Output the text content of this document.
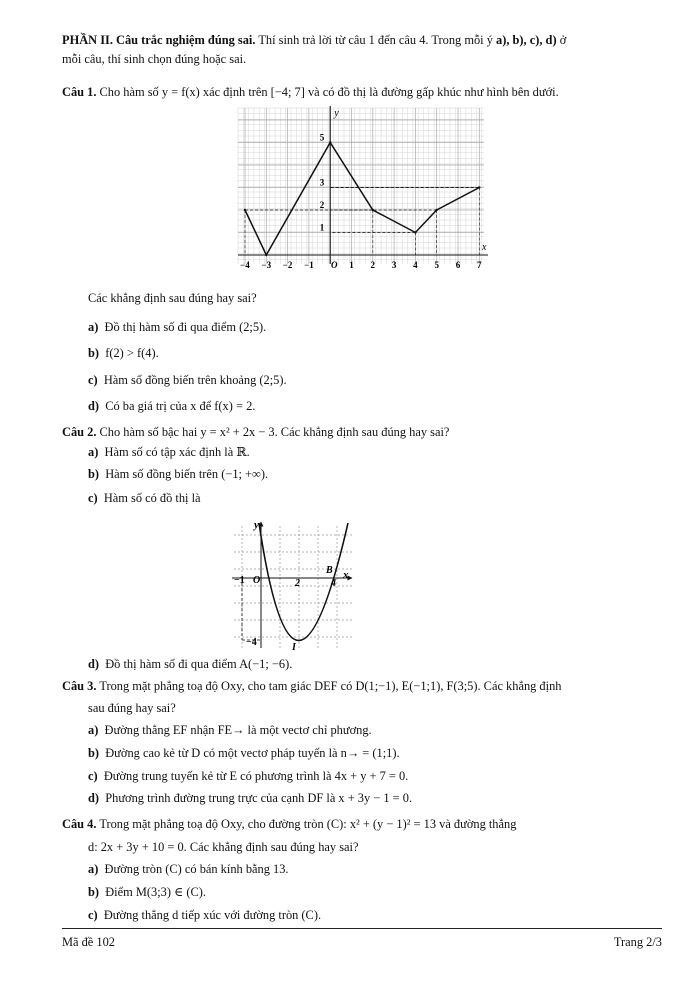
PHẦN II. Câu trắc nghiệm đúng sai. Thí sinh trả lời từ câu 1 đến câu 4. Trong mỗi ý a), b), c), d) ở
mỗi câu, thí sinh chọn đúng hoặc sai.
Câu 1. Cho hàm số y = f(x) xác định trên [−4; 7] và có đồ thị là đường gấp khúc như hình bên dưới.
−4 −3 −2 −1 O 1 2 3 4 5 6 7
5
3
2
1
x
y
Các khẳng định sau đúng hay sai?
a) Đồ thị hàm số đi qua điểm (2;5).
b) f(2) > f(4).
c) Hàm số đồng biến trên khoảng (2;5).
d) Có ba giá trị của x để f(x) = 2.
Câu 2. Cho hàm số bậc hai y = x² + 2x − 3. Các khẳng định sau đúng hay sai?
a) Hàm số có tập xác định là ℝ.
b) Hàm số đồng biến trên (−1; +∞).
c) Hàm số có đồ thị là
y
x
−1 O	2	4
B
−4	I
d) Đồ thị hàm số đi qua điểm A(−1; −6).
Câu 3. Trong mặt phẳng toạ độ Oxy, cho tam giác DEF có D(1;−1), E(−1;1), F(3;5). Các khẳng định
sau đúng hay sai?
a) Đường thẳng EF nhận FE→ là một vectơ chỉ phương.
b) Đường cao kẻ từ D có một vectơ pháp tuyến là n→ = (1;1).
c) Đường trung tuyến kẻ từ E có phương trình là 4x + y + 7 = 0.
d) Phương trình đường trung trực của cạnh DF là x + 3y − 1 = 0.
Câu 4. Trong mặt phẳng toạ độ Oxy, cho đường tròn (C): x² + (y − 1)² = 13 và đường thẳng
d: 2x + 3y + 10 = 0. Các khẳng định sau đúng hay sai?
a) Đường tròn (C) có bán kính bằng 13.
b) Điểm M(3;3) ∈ (C).
c) Đường thẳng d tiếp xúc với đường tròn (C).
Mã đề 102	Trang 2/3
